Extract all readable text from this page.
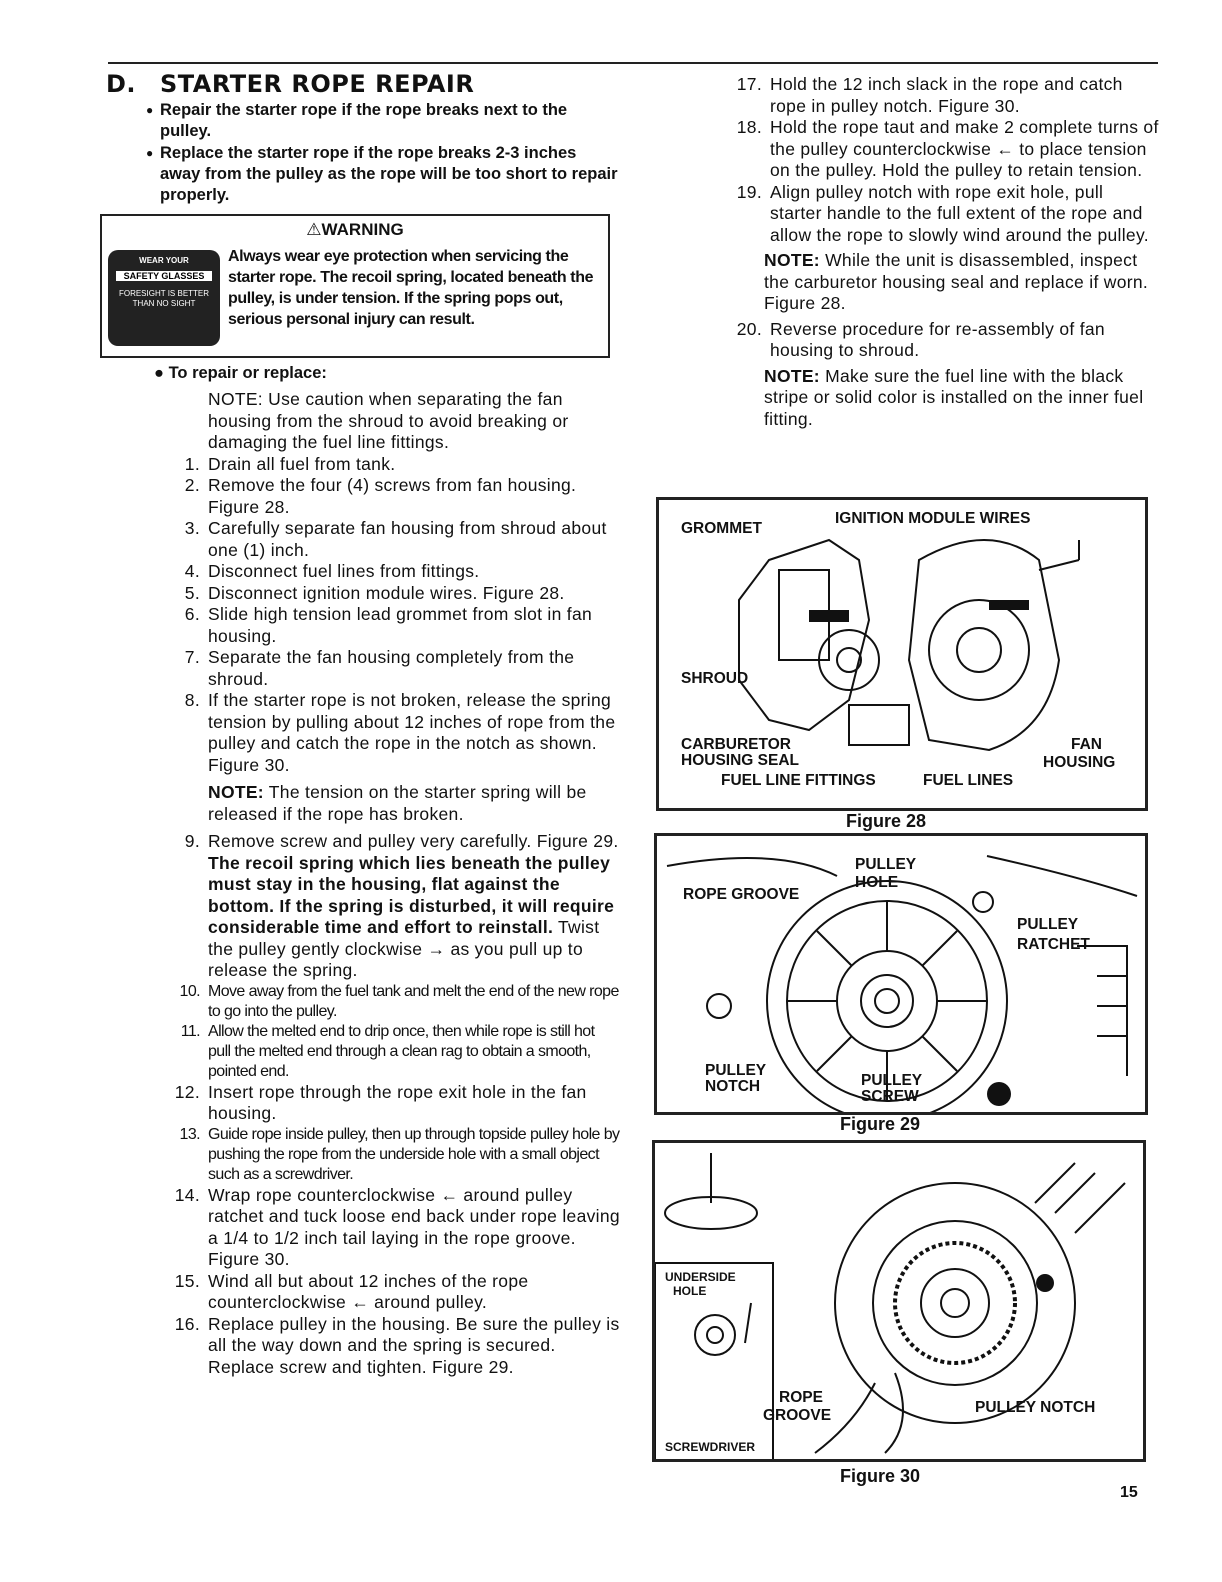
D. STARTER ROPE REPAIR
● Repair the starter rope if the rope breaks next to the pulley.
● Replace the starter rope if the rope breaks 2-3 inches away from the pulley as the rope will be too short to repair properly.
⚠WARNING
WEAR YOUR
SAFETY GLASSES
FORESIGHT IS BETTER THAN NO SIGHT
Always wear eye protection when servicing the starter rope. The recoil spring, located beneath the pulley, is under tension. If the spring pops out, serious personal injury can result.
● To repair or replace:
NOTE: Use caution when separating the fan housing from the shroud to avoid breaking or damaging the fuel line fittings.
1. Drain all fuel from tank.
2. Remove the four (4) screws from fan housing. Figure 28.
3. Carefully separate fan housing from shroud about one (1) inch.
4. Disconnect fuel lines from fittings.
5. Disconnect ignition module wires. Figure 28.
6. Slide high tension lead grommet from slot in fan housing.
7. Separate the fan housing completely from the shroud.
8. If the starter rope is not broken, release the spring tension by pulling about 12 inches of rope from the pulley and catch the rope in the notch as shown. Figure 30.
NOTE: The tension on the starter spring will be released if the rope has broken.
9. Remove screw and pulley very carefully. Figure 29. The recoil spring which lies beneath the pulley must stay in the housing, flat against the bottom. If the spring is disturbed, it will require considerable time and effort to reinstall. Twist the pulley gently clockwise → as you pull up to release the spring.
10. Move away from the fuel tank and melt the end of the new rope to go into the pulley.
11. Allow the melted end to drip once, then while rope is still hot pull the melted end through a clean rag to obtain a smooth, pointed end.
12. Insert rope through the rope exit hole in the fan housing.
13. Guide rope inside pulley, then up through topside pulley hole by pushing the rope from the underside hole with a small object such as a screwdriver.
14. Wrap rope counterclockwise ← around pulley ratchet and tuck loose end back under rope leaving a 1/4 to 1/2 inch tail laying in the rope groove. Figure 30.
15. Wind all but about 12 inches of the rope counterclockwise ← around pulley.
16. Replace pulley in the housing. Be sure the pulley is all the way down and the spring is secured. Replace screw and tighten. Figure 29.
17. Hold the 12 inch slack in the rope and catch rope in pulley notch. Figure 30.
18. Hold the rope taut and make 2 complete turns of the pulley counterclockwise ← to place tension on the pulley. Hold the pulley to retain tension.
19. Align pulley notch with rope exit hole, pull starter handle to the full extent of the rope and allow the rope to slowly wind around the pulley.
NOTE: While the unit is disassembled, inspect the carburetor housing seal and replace if worn. Figure 28.
20. Reverse procedure for re-assembly of fan housing to shroud.
NOTE: Make sure the fuel line with the black stripe or solid color is installed on the inner fuel fitting.
GROMMET
IGNITION MODULE WIRES
SHROUD
CARBURETOR
HOUSING SEAL
FUEL LINE FITTINGS	FUEL LINES
FAN
HOUSING
Figure 28
PULLEY
HOLE
ROPE GROOVE
PULLEY
RATCHET
PULLEY
NOTCH	PULLEY
SCREW
Figure 29
UNDERSIDE
HOLE
SCREWDRIVER
ROPE
GROOVE	PULLEY NOTCH
Figure 30
15
